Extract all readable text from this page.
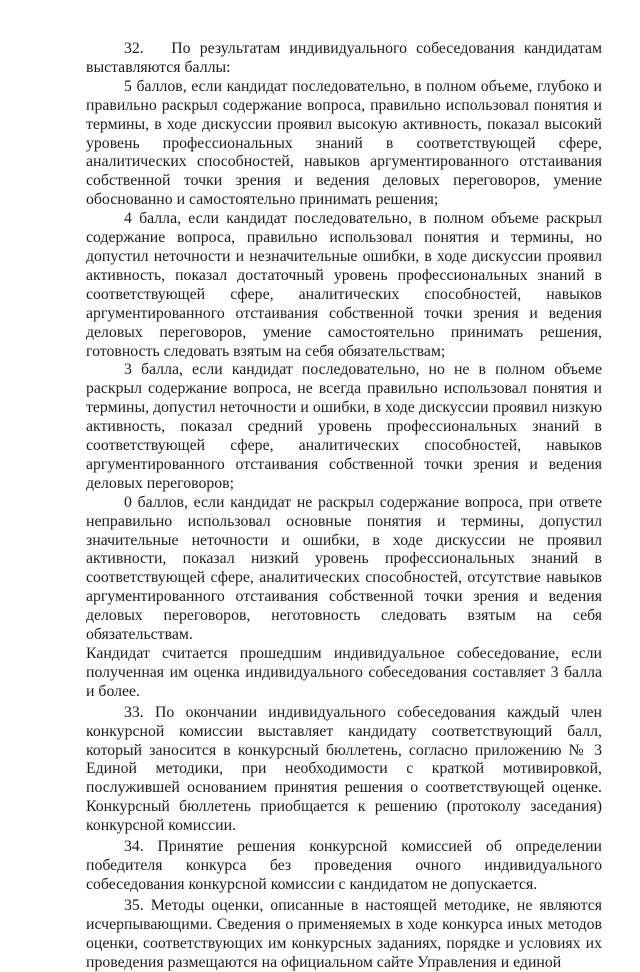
32.   По результатам индивидуального собеседования кандидатам выставляются баллы:

5 баллов, если кандидат последовательно, в полном объеме, глубоко и правильно раскрыл содержание вопроса, правильно использовал понятия и термины, в ходе дискуссии проявил высокую активность, показал высокий уровень профессиональных знаний в соответствующей сфере, аналитических способностей, навыков аргументированного отстаивания собственной точки зрения и ведения деловых переговоров, умение обоснованно и самостоятельно принимать решения;

4 балла, если кандидат последовательно, в полном объеме раскрыл содержание вопроса, правильно использовал понятия и термины, но допустил неточности и незначительные ошибки, в ходе дискуссии проявил активность, показал достаточный уровень профессиональных знаний в соответствующей сфере, аналитических способностей, навыков аргументированного отстаивания собственной точки зрения и ведения деловых переговоров, умение самостоятельно принимать решения, готовность следовать взятым на себя обязательствам;

3 балла, если кандидат последовательно, но не в полном объеме раскрыл содержание вопроса, не всегда правильно использовал понятия и термины, допустил неточности и ошибки, в ходе дискуссии проявил низкую активность, показал средний уровень профессиональных знаний в соответствующей сфере, аналитических способностей, навыков аргументированного отстаивания собственной точки зрения и ведения деловых переговоров;

0 баллов, если кандидат не раскрыл содержание вопроса, при ответе неправильно использовал основные понятия и термины, допустил значительные неточности и ошибки, в ходе дискуссии не проявил активности, показал низкий уровень профессиональных знаний в соответствующей сфере, аналитических способностей, отсутствие навыков аргументированного отстаивания собственной точки зрения и ведения деловых переговоров, неготовность следовать взятым на себя обязательствам.

Кандидат считается прошедшим индивидуальное собеседование, если полученная им оценка индивидуального собеседования составляет 3 балла и более.

33. По окончании индивидуального собеседования каждый член конкурсной комиссии выставляет кандидату соответствующий балл, который заносится в конкурсный бюллетень, согласно приложению № 3 Единой методики, при необходимости с краткой мотивировкой, послужившей основанием принятия решения о соответствующей оценке. Конкурсный бюллетень приобщается к решению (протоколу заседания) конкурсной комиссии.

34. Принятие решения конкурсной комиссией об определении победителя конкурса без проведения очного индивидуального собеседования конкурсной комиссии с кандидатом не допускается.

35. Методы оценки, описанные в настоящей методике, не являются исчерпывающими. Сведения о применяемых в ходе конкурса иных методов оценки, соответствующих им конкурсных заданиях, порядке и условиях их проведения размещаются на официальном сайте Управления и единой
